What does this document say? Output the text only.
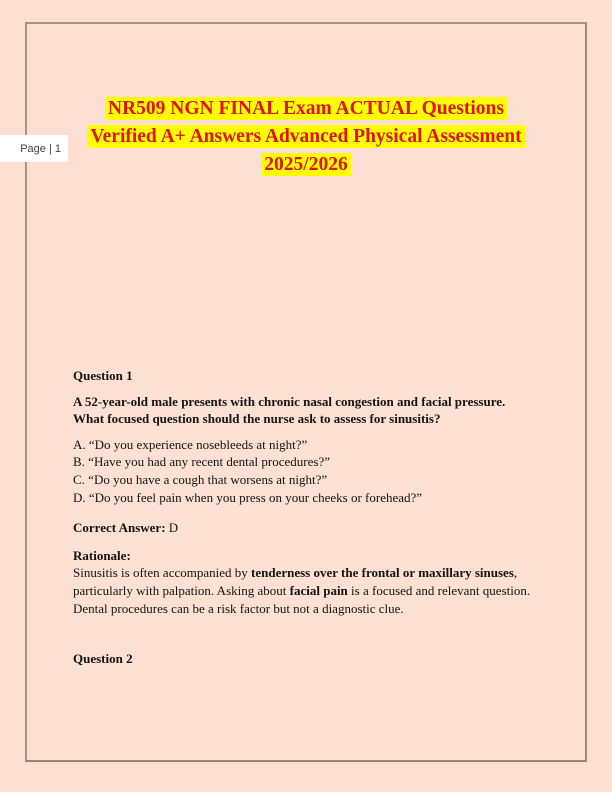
Page | 1
NR509 NGN FINAL Exam ACTUAL Questions
Verified A+ Answers Advanced Physical Assessment
2025/2026
Question 1
A 52-year-old male presents with chronic nasal congestion and facial pressure.
What focused question should the nurse ask to assess for sinusitis?
A. “Do you experience nosebleeds at night?”
B. “Have you had any recent dental procedures?”
C. “Do you have a cough that worsens at night?”
D. “Do you feel pain when you press on your cheeks or forehead?”
Correct Answer: D
Rationale:
Sinusitis is often accompanied by tenderness over the frontal or maxillary sinuses, particularly with palpation. Asking about facial pain is a focused and relevant question.
Dental procedures can be a risk factor but not a diagnostic clue.
Question 2
